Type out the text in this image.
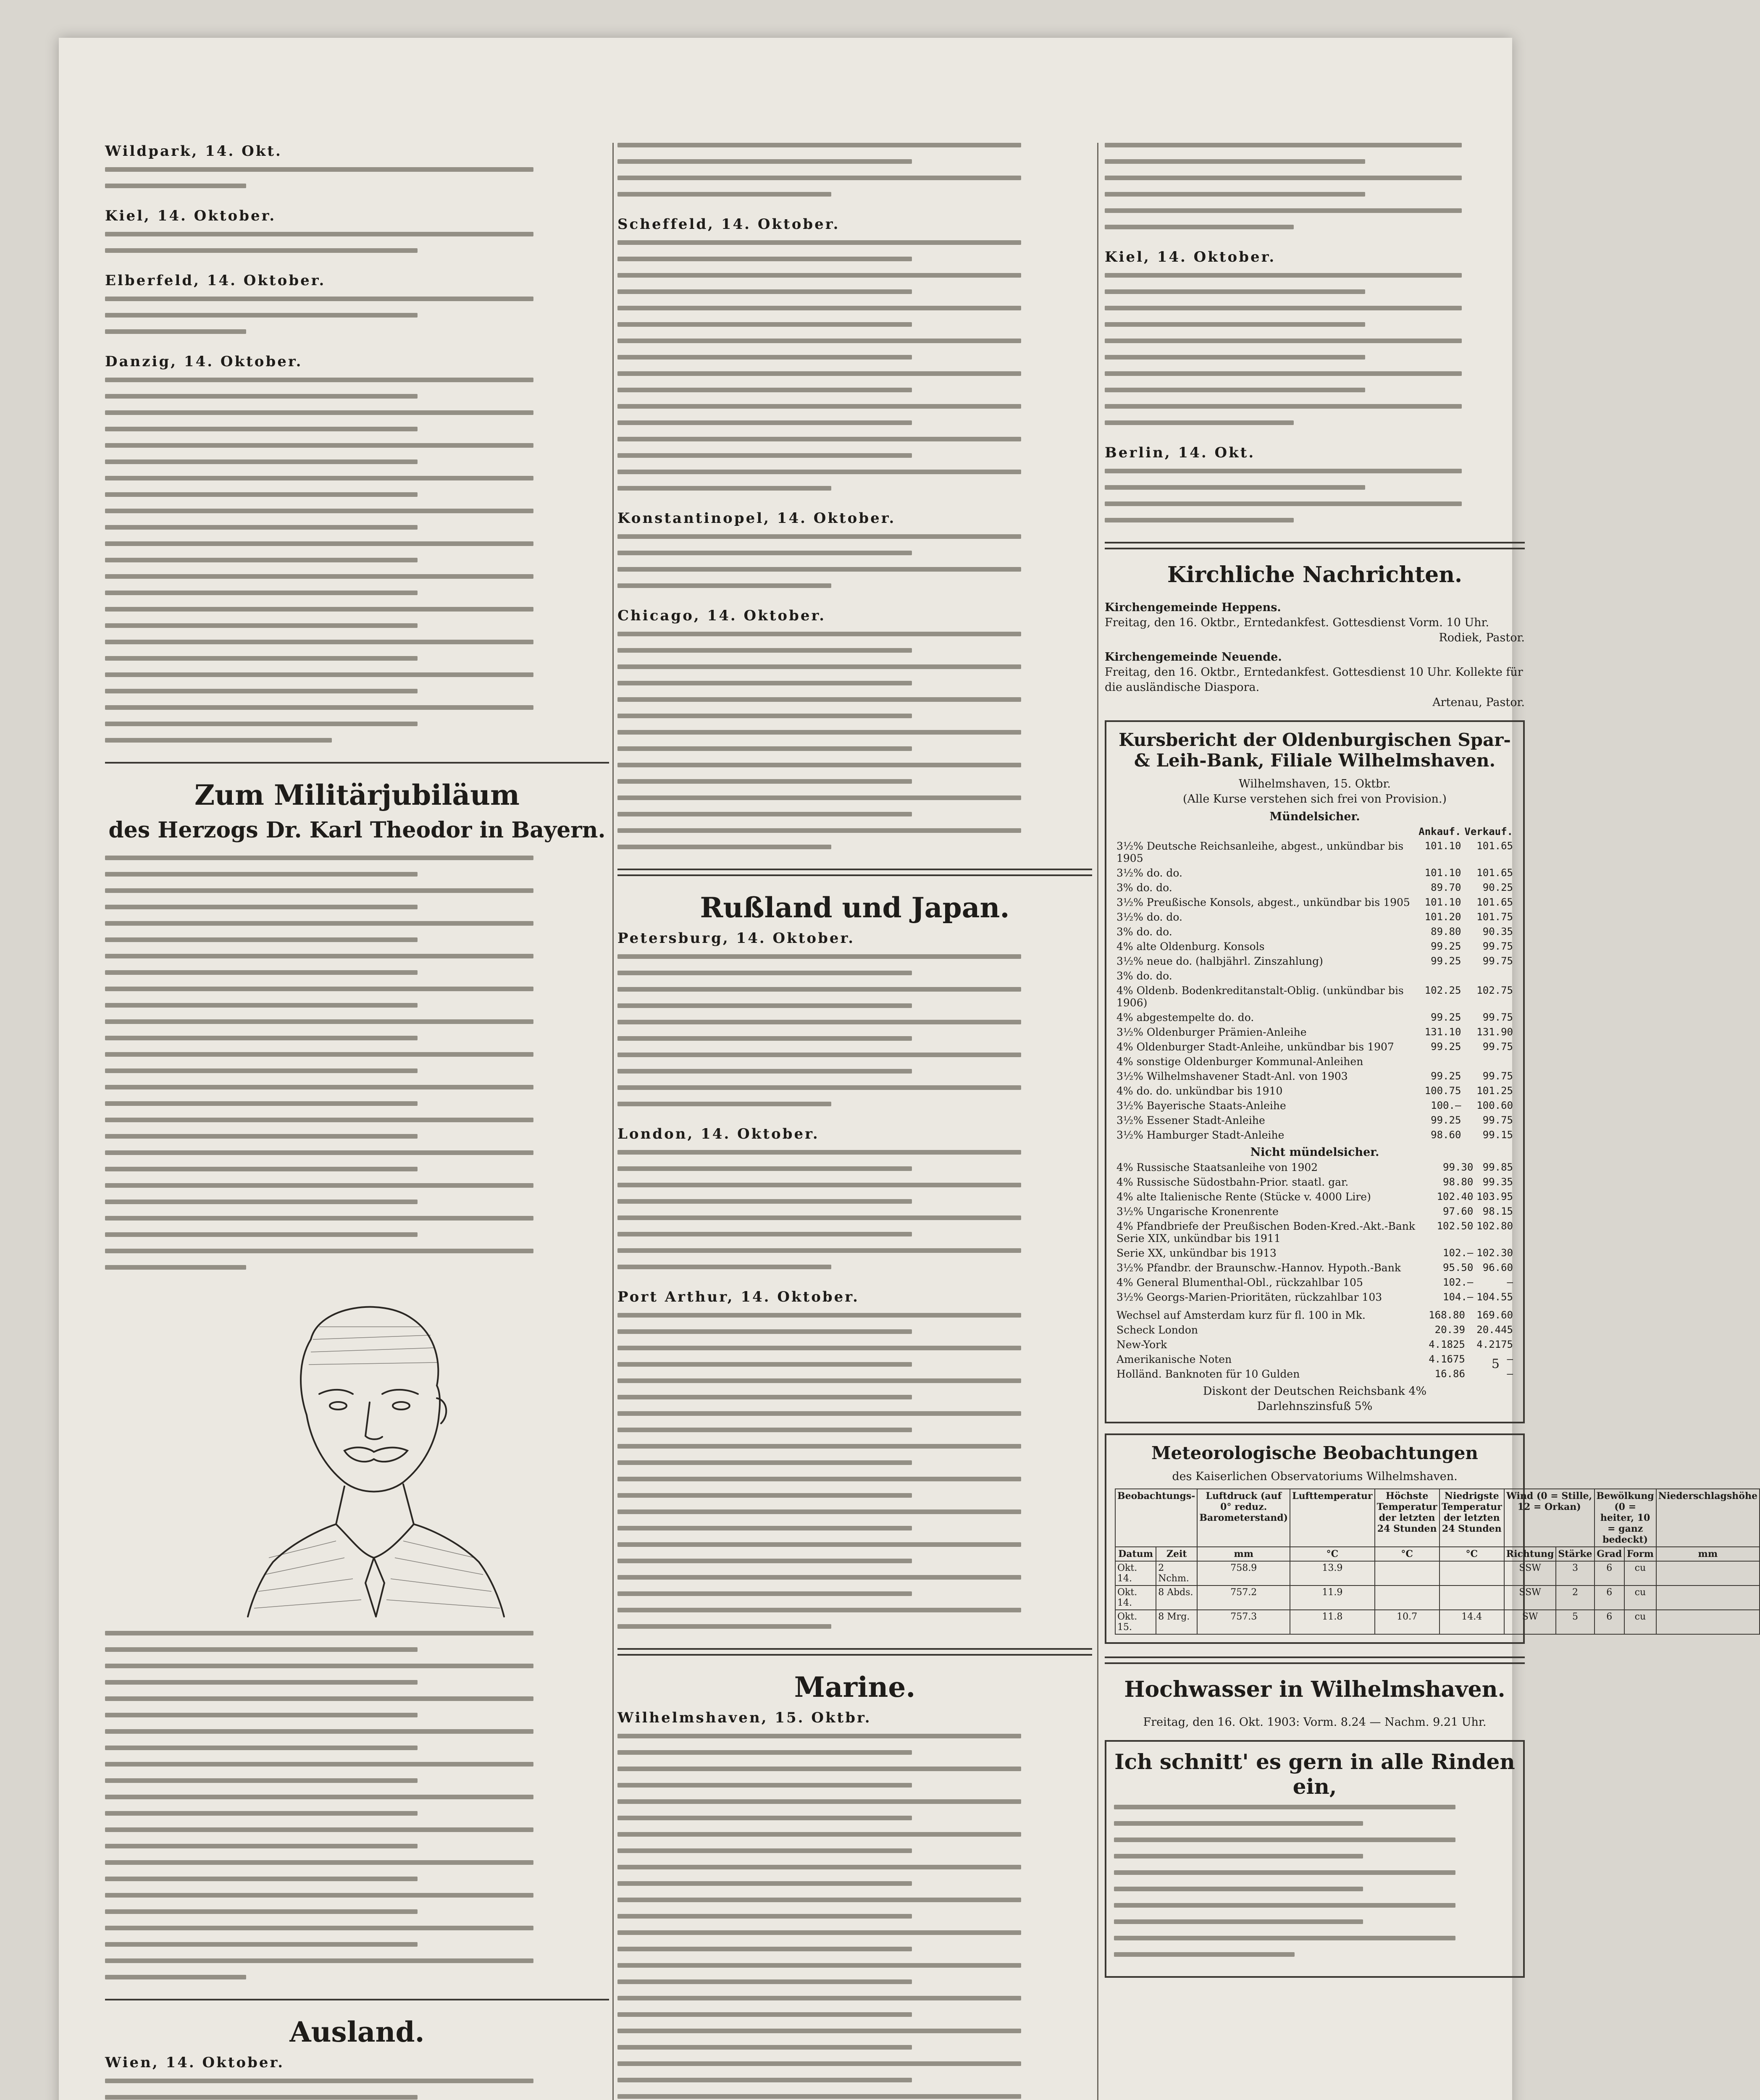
Wildpark, 14. Okt.
Kiel, 14. Oktober.
Elberfeld, 14. Oktober.
Danzig, 14. Oktober.
Zum Militärjubiläum
des Herzogs Dr. Karl Theodor in Bayern.
Ausland.
Wien, 14. Oktober.
Scheffeld, 14. Oktober.
Konstantinopel, 14. Oktober.
Chicago, 14. Oktober.
Rußland und Japan.
Petersburg, 14. Oktober.
London, 14. Oktober.
Port Arthur, 14. Oktober.
Marine.
Wilhelmshaven, 15. Oktbr.
Kiel, 14. Oktober.
Berlin, 14. Okt.
Kirchliche Nachrichten.
Kirchengemeinde Heppens.
Freitag, den 16. Oktbr., Erntedankfest. Gottesdienst Vorm. 10 Uhr.
Rodiek, Pastor.
Kirchengemeinde Neuende.
Freitag, den 16. Oktbr., Erntedankfest. Gottesdienst 10 Uhr. Kollekte für die ausländische Diaspora.
Artenau, Pastor.
Kursbericht der Oldenburgischen Spar- & Leih-Bank, Filiale Wilhelmshaven.
Wilhelmshaven, 15. Oktbr.
(Alle Kurse verstehen sich frei von Provision.)
Mündelsicher.
	Ankauf.	Verkauf.
3½% Deutsche Reichsanleihe, abgest., unkündbar bis 1905	101.10	101.65
3½% do. do.	101.10	101.65
3% do. do.	89.70	90.25
3½% Preußische Konsols, abgest., unkündbar bis 1905	101.10	101.65
3½% do. do.	101.20	101.75
3% do. do.	89.80	90.35
4% alte Oldenburg. Konsols	99.25	99.75
3½% neue do. (halbjährl. Zinszahlung)	99.25	99.75
3% do. do.		
4% Oldenb. Bodenkreditanstalt-Oblig. (unkündbar bis 1906)	102.25	102.75
4% abgestempelte do. do.	99.25	99.75
3½% Oldenburger Prämien-Anleihe	131.10	131.90
4% Oldenburger Stadt-Anleihe, unkündbar bis 1907	99.25	99.75
4% sonstige Oldenburger Kommunal-Anleihen		
3½% Wilhelmshavener Stadt-Anl. von 1903	99.25	99.75
4% do. do. unkündbar bis 1910	100.75	101.25
3½% Bayerische Staats-Anleihe	100.—	100.60
3½% Essener Stadt-Anleihe	99.25	99.75
3½% Hamburger Stadt-Anleihe	98.60	99.15
Nicht mündelsicher.
4% Russische Staatsanleihe von 1902	99.30	99.85
4% Russische Südostbahn-Prior. staatl. gar.	98.80	99.35
4% alte Italienische Rente (Stücke v. 4000 Lire)	102.40	103.95
3½% Ungarische Kronenrente	97.60	98.15
4% Pfandbriefe der Preußischen Boden-Kred.-Akt.-Bank Serie XIX, unkündbar bis 1911	102.50	102.80
Serie XX, unkündbar bis 1913	102.—	102.30
3½% Pfandbr. der Braunschw.-Hannov. Hypoth.-Bank	95.50	96.60
4% General Blumenthal-Obl., rückzahlbar 105	102.—	—
3½% Georgs-Marien-Prioritäten, rückzahlbar 103	104.—	104.55
Wechsel auf Amsterdam kurz für fl. 100 in Mk.	168.80	169.60
Scheck London	20.39	20.445
New-York	4.1825	4.2175
Amerikanische Noten	4.1675	—
Holländ. Banknoten für 10 Gulden	16.86	—
Diskont der Deutschen Reichsbank 4%
Darlehnszinsfuß 5%
Meteorologische Beobachtungen
des Kaiserlichen Observatoriums Wilhelmshaven.
Beobachtungs-		Luftdruck (auf 0° reduz. Barometerstand)	Lufttemperatur	Höchste Temperatur der letzten 24 Stunden	Niedrigste Temperatur der letzten 24 Stunden	Wind (0 = Stille, 12 = Orkan)		Bewölkung (0 = heiter, 10 = ganz bedeckt)		Niederschlagshöhe
Datum	Zeit	mm	°C	°C	°C	Richtung	Stärke	Grad	Form	mm
Okt. 14.	2 Nchm.	758.9	13.9			SSW	3	6	cu	
Okt. 14.	8 Abds.	757.2	11.9			SSW	2	6	cu	
Okt. 15.	8 Mrg.	757.3	11.8	10.7	14.4	SW	5	6	cu	
Hochwasser in Wilhelmshaven.
Freitag, den 16. Okt. 1903: Vorm. 8.24 — Nachm. 9.21 Uhr.
Ich schnitt' es gern in alle Rinden ein,
5
